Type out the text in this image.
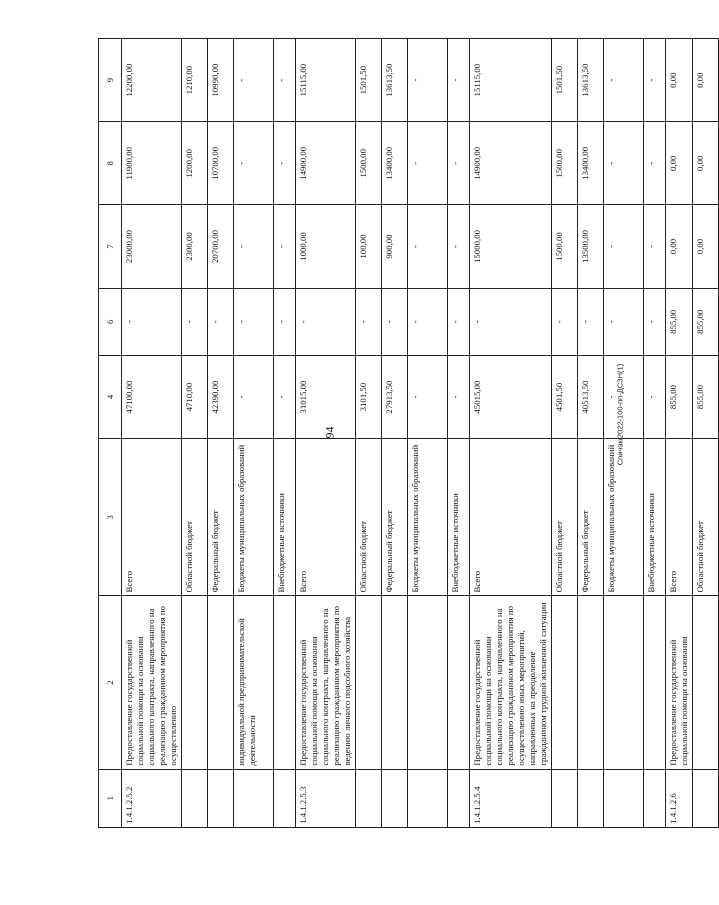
94	Спичак/2022-100-пп-ДСЗН(1)
1	2	3	4	6	7	8	9
1.4.1.2.5.2	Предоставление государственной социальной помощи на основании социального контракта, направленного на реализацию гражданином мероприятия по осуществлению	Всего	47100,00	-	23000,00	11900,00	12200,00
		Областной бюджет	4710,00	-	2300,00	1200,00	1210,00
		Федеральный бюджет	42390,00	-	20700,00	10700,00	10990,00
	индивидуальной предпринимательской деятельности	Бюджеты муниципальных образований	-	-	-	-	-
		Внебюджетные источники	-	-	-	-	-
1.4.1.2.5.3	Предоставление государственной социальной помощи на основании социального контракта, направленного на реализацию гражданином мероприятия по ведению личного подсобного хозяйства	Всего	31015,00	-	1000,00	14900,00	15115,00
		Областной бюджет	3101,50	-	100,00	1500,00	1501,50
		Федеральный бюджет	27913,50	-	900,00	13400,00	13613,50
		Бюджеты муниципальных образований	-	-	-	-	-
		Внебюджетные источники	-	-	-	-	-
1.4.1.2.5.4	Предоставление государственной социальной помощи на основании социального контракта, направленного на реализацию гражданином мероприятия по осуществлению иных мероприятий, направленных на преодоление гражданином трудной жизненной ситуации	Всего	45015,00	-	15000,00	14900,00	15115,00
		Областной бюджет	4501,50	-	1500,00	1500,00	1501,50
		Федеральный бюджет	40513,50	-	13500,00	13400,00	13613,50
		Бюджеты муниципальных образований	-	-	-	-	-
		Внебюджетные источники	-	-	-	-	-
1.4.1.2.6	Предоставление государственной социальной помощи на основании	Всего	855,00	855,00	0,00	0,00	0,00
		Областной бюджет	855,00	855,00	0,00	0,00	0,00
